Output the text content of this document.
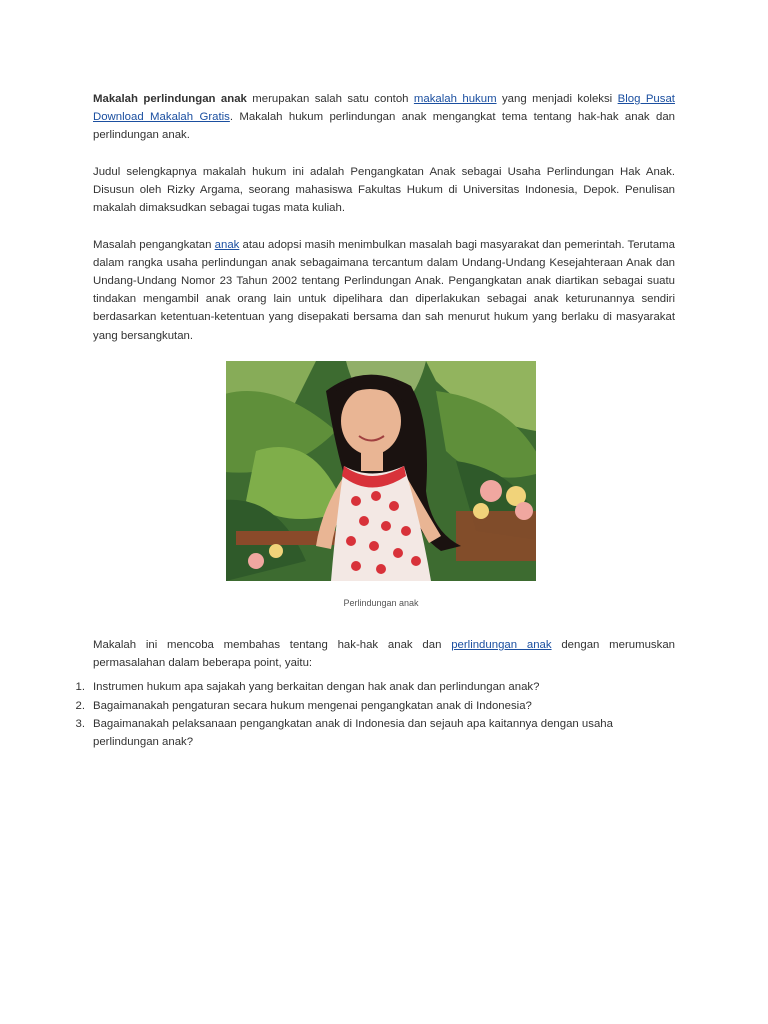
Makalah perlindungan anak merupakan salah satu contoh makalah hukum yang menjadi koleksi Blog Pusat Download Makalah Gratis. Makalah hukum perlindungan anak mengangkat tema tentang hak-hak anak dan perlindungan anak.

Judul selengkapnya makalah hukum ini adalah Pengangkatan Anak sebagai Usaha Perlindungan Hak Anak. Disusun oleh Rizky Argama, seorang mahasiswa Fakultas Hukum di Universitas Indonesia, Depok. Penulisan makalah dimaksudkan sebagai tugas mata kuliah.

Masalah pengangkatan anak atau adopsi masih menimbulkan masalah bagi masyarakat dan pemerintah. Terutama dalam rangka usaha perlindungan anak sebagaimana tercantum dalam Undang-Undang Kesejahteraan Anak dan Undang-Undang Nomor 23 Tahun 2002 tentang Perlindungan Anak. Pengangkatan anak diartikan sebagai suatu tindakan mengambil anak orang lain untuk dipelihara dan diperlakukan sebagai anak keturunannya sendiri berdasarkan ketentuan-ketentuan yang disepakati bersama dan sah menurut hukum yang berlaku di masyarakat yang bersangkutan.

Perlindungan anak

Makalah ini mencoba membahas tentang hak-hak anak dan perlindungan anak dengan merumuskan permasalahan dalam beberapa point, yaitu:

1. Instrumen hukum apa sajakah yang berkaitan dengan hak anak dan perlindungan anak?
2. Bagaimanakah pengaturan secara hukum mengenai pengangkatan anak di Indonesia?
3. Bagaimanakah pelaksanaan pengangkatan anak di Indonesia dan sejauh apa kaitannya dengan usaha perlindungan anak?
